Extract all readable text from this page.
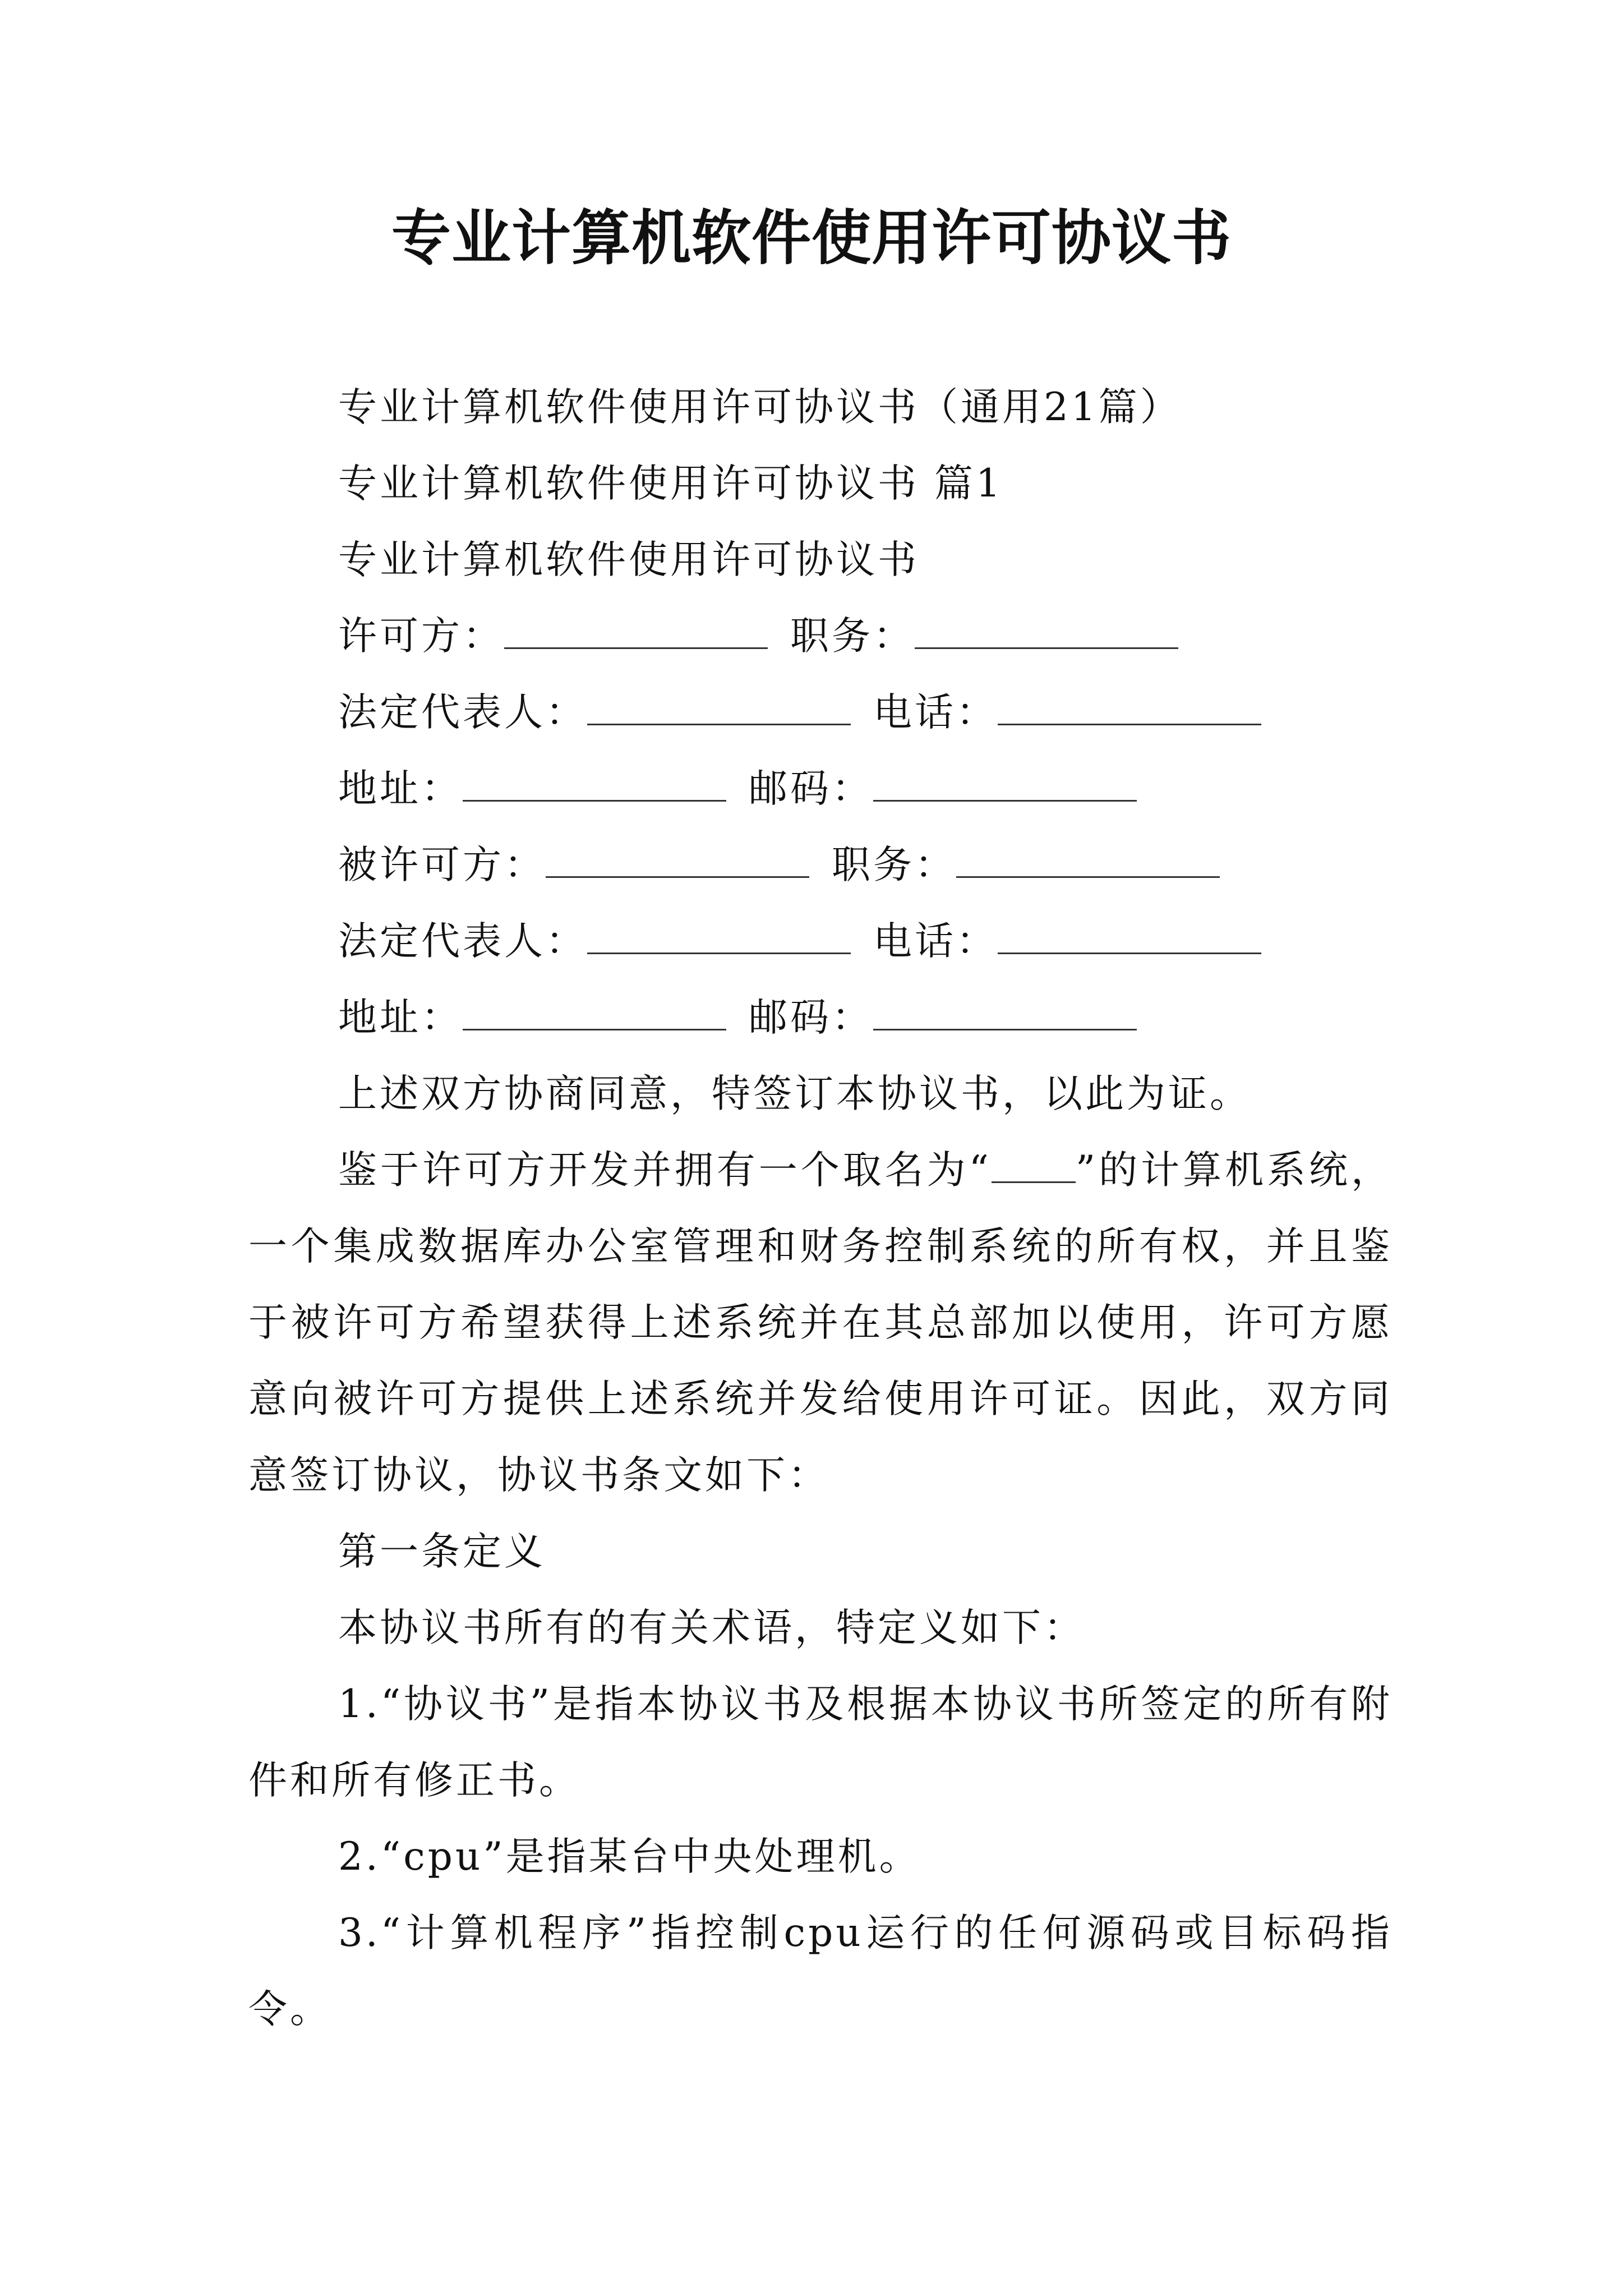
专业计算机软件使用许可协议书

专业计算机软件使用许可协议书（通用21篇）

专业计算机软件使用许可协议书 篇1

专业计算机软件使用许可协议书

许可方：	职务：

法定代表人：	电话：

地址：	邮码：

被许可方：	职务：

法定代表人：	电话：

地址：	邮码：

上述双方协商同意，特签订本协议书，以此为证。

鉴于许可方开发并拥有一个取名为“ ”的计算机系统，一个集成数据库办公室管理和财务控制系统的所有权，并且鉴于被许可方希望获得上述系统并在其总部加以使用，许可方愿意向被许可方提供上述系统并发给使用许可证。因此，双方同意签订协议，协议书条文如下：

第一条定义

本协议书所有的有关术语，特定义如下：

1.“协议书”是指本协议书及根据本协议书所签定的所有附件和所有修正书。

2.“cpu”是指某台中央处理机。

3.“计算机程序”指控制cpu运行的任何源码或目标码指令。
